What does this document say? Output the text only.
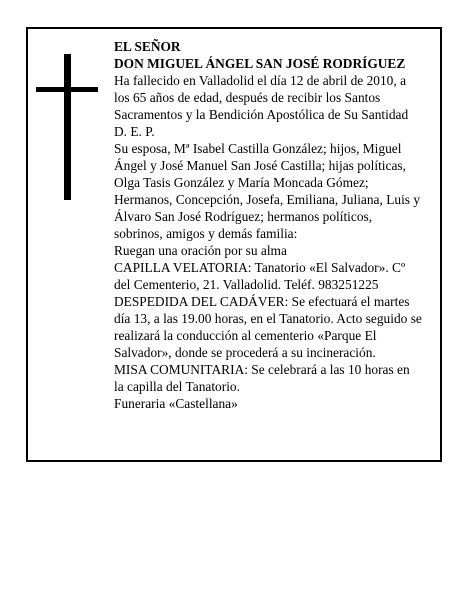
EL SEÑOR

DON MIGUEL ÁNGEL SAN JOSÉ RODRÍGUEZ

Ha fallecido en Valladolid el día 12 de abril de 2010, a los 65 años de edad, después de recibir los Santos Sacramentos y la Bendición Apostólica de Su Santidad D. E. P.

Su esposa, Mª Isabel Castilla González; hijos, Miguel Ángel y José Manuel San José Castilla; hijas políticas, Olga Tasis González y María Moncada Gómez; Hermanos, Concepción, Josefa, Emiliana, Juliana, Luis y Álvaro San José Rodríguez; hermanos políticos, sobrinos, amigos y demás familia:

Ruegan una oración por su alma

CAPILLA VELATORIA: Tanatorio «El Salvador». Cº del Cementerio, 21. Valladolid. Teléf. 983251225

DESPEDIDA DEL CADÁVER: Se efectuará el martes día 13, a las 19.00 horas, en el Tanatorio. Acto seguido se realizará la conducción al cementerio «Parque El Salvador», donde se procederá a su incineración.

MISA COMUNITARIA: Se celebrará a las 10 horas en la capilla del Tanatorio.

Funeraria «Castellana»
